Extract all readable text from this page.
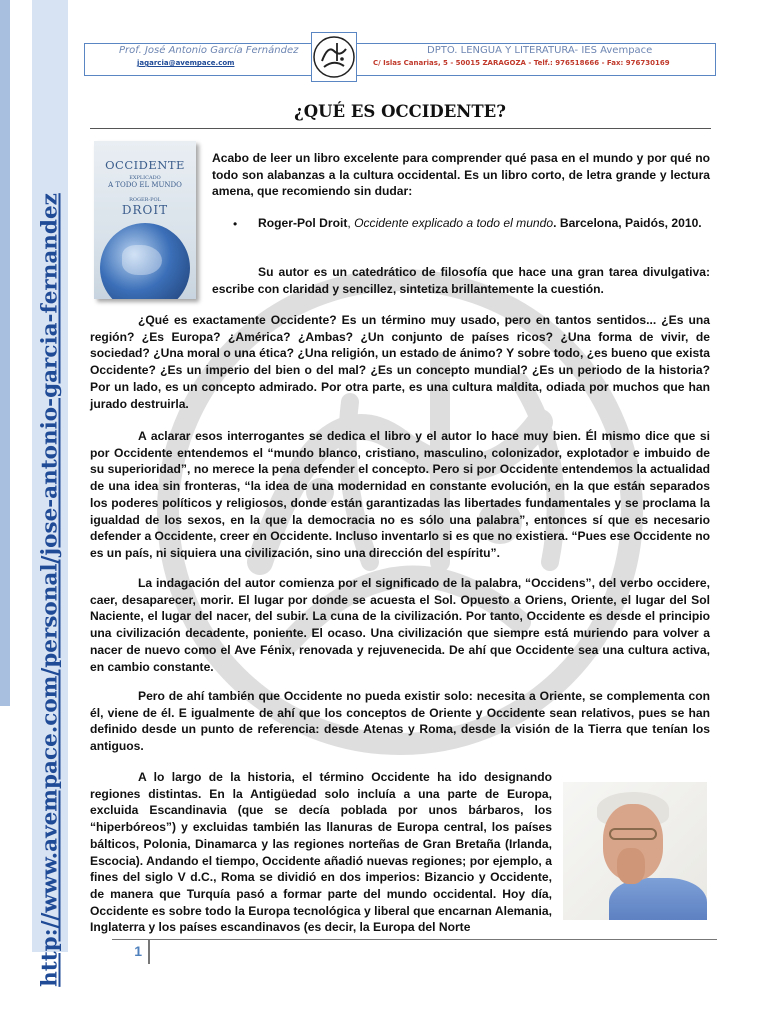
http://www.avempace.com/personal/jose-antonio-garcia-fernandez
Prof. José Antonio García Fernández
jagarcia@avempace.com
DPTO. LENGUA Y LITERATURA- IES Avempace
C/ Islas Canarias, 5 - 50015 ZARAGOZA - Telf.: 976518666 - Fax: 976730169
¿QUÉ ES OCCIDENTE?
OCCIDENTE
EXPLICADO
A TODO EL MUNDO
ROGER-POL
DROIT

Acabo de leer un libro excelente para comprender qué pasa en el mundo y por qué no todo son alabanzas a la cultura occidental. Es un libro corto, de letra grande y lectura amena, que recomiendo sin dudar:

• Roger-Pol Droit, Occidente explicado a todo el mundo. Barcelona, Paidós, 2010.

Su autor es un catedrático de filosofía que hace una gran tarea divulgativa: escribe con claridad y sencillez, sintetiza brillantemente la cuestión.

¿Qué es exactamente Occidente? Es un término muy usado, pero en tantos sentidos... ¿Es una región? ¿Es Europa? ¿América? ¿Ambas? ¿Un conjunto de países ricos? ¿Una forma de vivir, de sociedad? ¿Una moral o una ética? ¿Una religión, un estado de ánimo? Y sobre todo, ¿es bueno que exista Occidente? ¿Es un imperio del bien o del mal? ¿Es un concepto mundial? ¿Es un periodo de la historia? Por un lado, es un concepto admirado. Por otra parte, es una cultura maldita, odiada por muchos que han jurado destruirla.

A aclarar esos interrogantes se dedica el libro y el autor lo hace muy bien. Él mismo dice que si por Occidente entendemos el “mundo blanco, cristiano, masculino, colonizador, explotador e imbuido de su superioridad”, no merece la pena defender el concepto. Pero si por Occidente entendemos la actualidad de una idea sin fronteras, “la idea de una modernidad en constante evolución, en la que están separados los poderes políticos y religiosos, donde están garantizadas las libertades fundamentales y se proclama la igualdad de los sexos, en la que la democracia no es sólo una palabra”, entonces sí que es necesario defender a Occidente, creer en Occidente. Incluso inventarlo si es que no existiera. “Pues ese Occidente no es un país, ni siquiera una civilización, sino una dirección del espíritu”.

La indagación del autor comienza por el significado de la palabra, “Occidens”, del verbo occidere, caer, desaparecer, morir. El lugar por donde se acuesta el Sol. Opuesto a Oriens, Oriente, el lugar del Sol Naciente, el lugar del nacer, del subir. La cuna de la civilización. Por tanto, Occidente es desde el principio una civilización decadente, poniente. El ocaso. Una civilización que siempre está muriendo para volver a nacer de nuevo como el Ave Fénix, renovada y rejuvenecida. De ahí que Occidente sea una cultura activa, en cambio constante.

Pero de ahí también que Occidente no pueda existir solo: necesita a Oriente, se complementa con él, viene de él. E igualmente de ahí que los conceptos de Oriente y Occidente sean relativos, pues se han definido desde un punto de referencia: desde Atenas y Roma, desde la visión de la Tierra que tenían los antiguos.

A lo largo de la historia, el término Occidente ha ido designando regiones distintas. En la Antigüedad solo incluía a una parte de Europa, excluida Escandinavia (que se decía poblada por unos bárbaros, los “hiperbóreos”) y excluidas también las llanuras de Europa central, los países bálticos, Polonia, Dinamarca y las regiones norteñas de Gran Bretaña (Irlanda, Escocia). Andando el tiempo, Occidente añadió nuevas regiones; por ejemplo, a fines del siglo V d.C., Roma se dividió en dos imperios: Bizancio y Occidente, de manera que Turquía pasó a formar parte del mundo occidental. Hoy día, Occidente es sobre todo la Europa tecnológica y liberal que encarnan Alemania, Inglaterra y los países escandinavos (es decir, la Europa del Norte

1
